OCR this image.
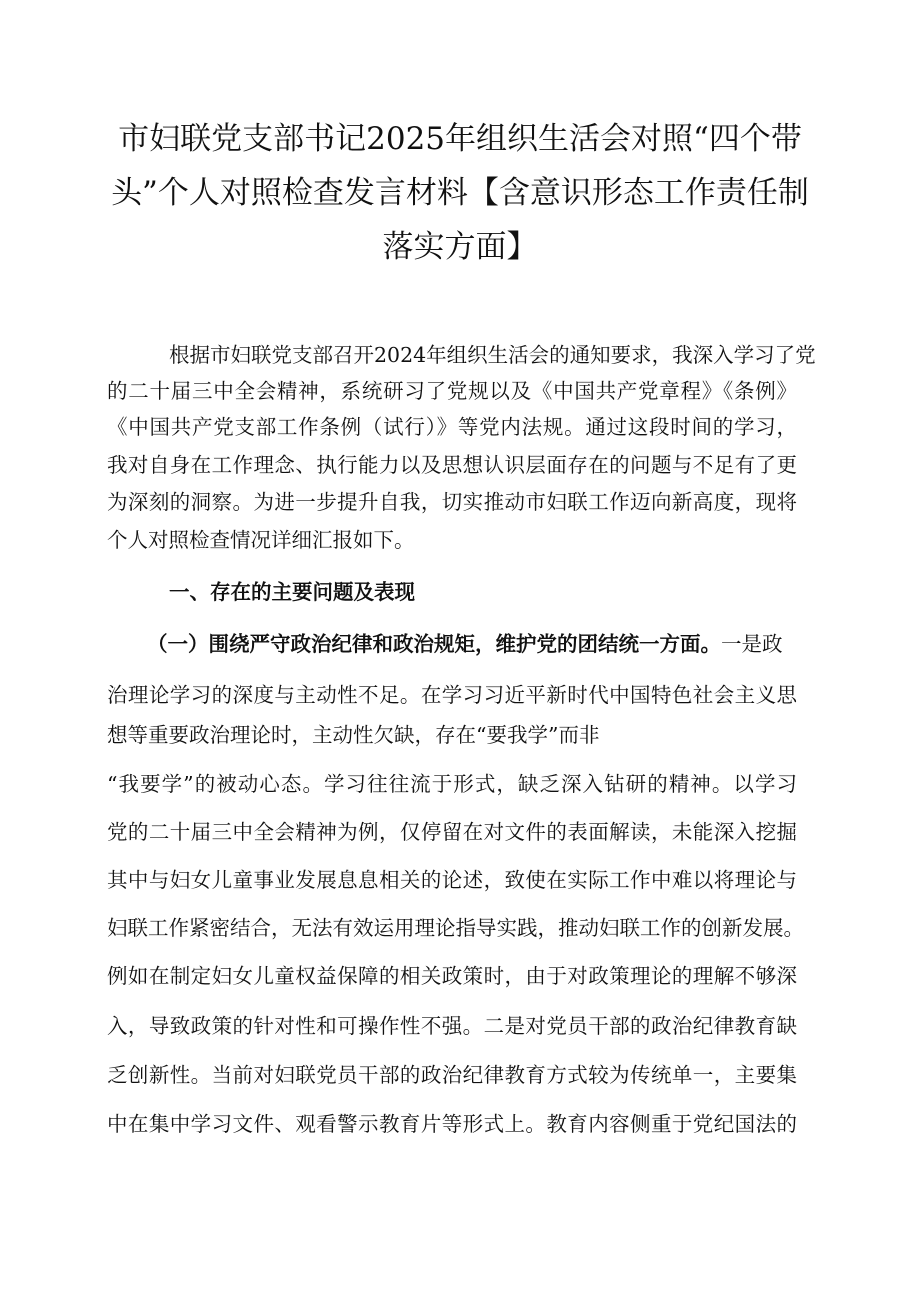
市妇联党支部书记2025年组织生活会对照“四个带
头”个人对照检查发言材料【含意识形态工作责任制
落实方面】
根据市妇联党支部召开2024年组织生活会的通知要求，我深入学习了党
的二十届三中全会精神，系统研习了党规以及《中国共产党章程》《条例》
《中国共产党支部工作条例（试行）》等党内法规。通过这段时间的学习，
我对自身在工作理念、执行能力以及思想认识层面存在的问题与不足有了更
为深刻的洞察。为进一步提升自我，切实推动市妇联工作迈向新高度，现将
个人对照检查情况详细汇报如下。
一、存在的主要问题及表现
（一）围绕严守政治纪律和政治规矩，维护党的团结统一方面。一是政
治理论学习的深度与主动性不足。在学习习近平新时代中国特色社会主义思
想等重要政治理论时，主动性欠缺，存在“要我学”而非
“我要学”的被动心态。学习往往流于形式，缺乏深入钻研的精神。以学习
党的二十届三中全会精神为例，仅停留在对文件的表面解读，未能深入挖掘
其中与妇女儿童事业发展息息相关的论述，致使在实际工作中难以将理论与
妇联工作紧密结合，无法有效运用理论指导实践，推动妇联工作的创新发展。
例如在制定妇女儿童权益保障的相关政策时，由于对政策理论的理解不够深
入，导致政策的针对性和可操作性不强。二是对党员干部的政治纪律教育缺
乏创新性。当前对妇联党员干部的政治纪律教育方式较为传统单一，主要集
中在集中学习文件、观看警示教育片等形式上。教育内容侧重于党纪国法的
